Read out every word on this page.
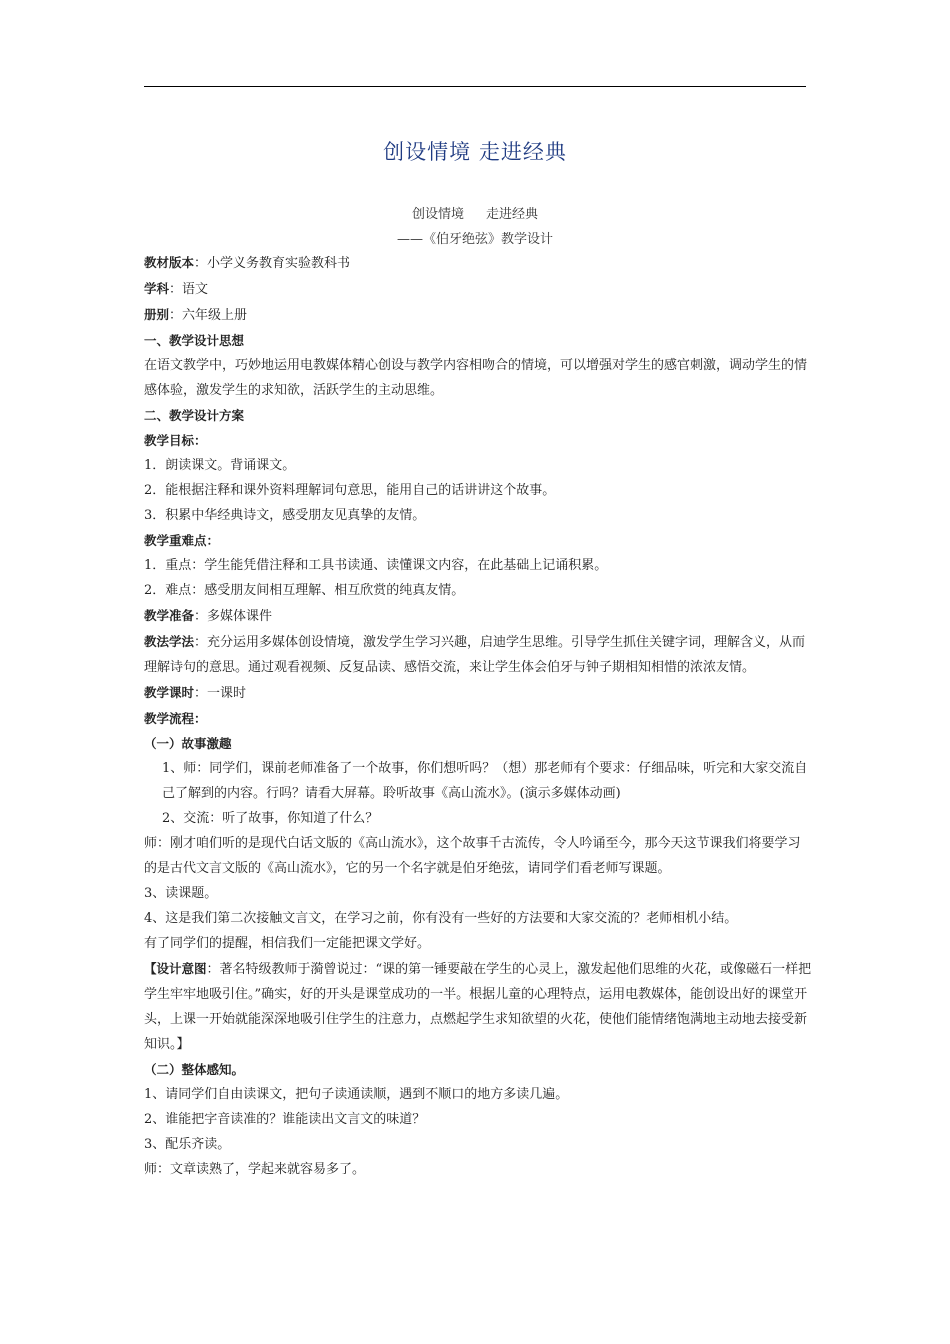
创设情境 走进经典
创设情境 走进经典
——《伯牙绝弦》教学设计

教材版本：小学义务教育实验教科书

学科：语文

册别：六年级上册

一、教学设计思想

在语文教学中，巧妙地运用电教媒体精心创设与教学内容相吻合的情境，可以增强对学生的感官刺激，调动学生的情感体验，激发学生的求知欲，活跃学生的主动思维。

二、教学设计方案

教学目标：

1．朗读课文。背诵课文。

2．能根据注释和课外资料理解词句意思，能用自己的话讲讲这个故事。

3．积累中华经典诗文，感受朋友见真挚的友情。

教学重难点：

1．重点：学生能凭借注释和工具书读通、读懂课文内容，在此基础上记诵积累。

2．难点：感受朋友间相互理解、相互欣赏的纯真友情。

教学准备：多媒体课件

教法学法：充分运用多媒体创设情境，激发学生学习兴趣，启迪学生思维。引导学生抓住关键字词，理解含义，从而理解诗句的意思。通过观看视频、反复品读、感悟交流，来让学生体会伯牙与钟子期相知相惜的浓浓友情。

教学课时：一课时

教学流程：

（一）故事激趣

1、师：同学们，课前老师准备了一个故事，你们想听吗？（想）那老师有个要求：仔细品味，听完和大家交流自己了解到的内容。行吗？请看大屏幕。聆听故事《高山流水》。(演示多媒体动画)

2、交流：听了故事，你知道了什么？

师：刚才咱们听的是现代白话文版的《高山流水》，这个故事千古流传，令人吟诵至今，那今天这节课我们将要学习的是古代文言文版的《高山流水》，它的另一个名字就是伯牙绝弦，请同学们看老师写课题。

3、读课题。

4、这是我们第二次接触文言文，在学习之前，你有没有一些好的方法要和大家交流的？老师相机小结。

有了同学们的提醒，相信我们一定能把课文学好。

【设计意图：著名特级教师于漪曾说过：“课的第一锤要敲在学生的心灵上，激发起他们思维的火花，或像磁石一样把学生牢牢地吸引住。”确实，好的开头是课堂成功的一半。根据儿童的心理特点，运用电教媒体，能创设出好的课堂开头，上课一开始就能深深地吸引住学生的注意力，点燃起学生求知欲望的火花，使他们能情绪饱满地主动地去接受新知识。】

（二）整体感知。

1、请同学们自由读课文，把句子读通读顺，遇到不顺口的地方多读几遍。

2、谁能把字音读准的？谁能读出文言文的味道？

3、配乐齐读。

师：文章读熟了，学起来就容易多了。
